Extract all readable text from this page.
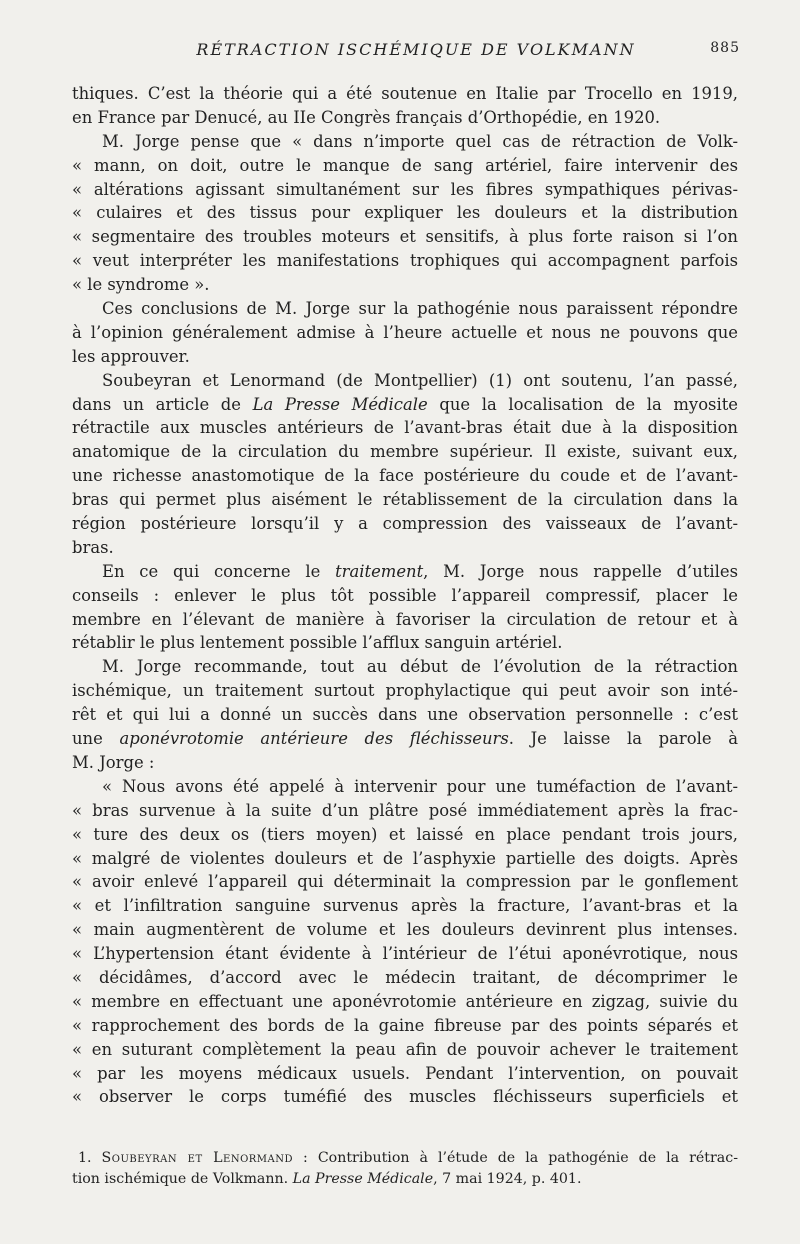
RÉTRACTION ISCHÉMIQUE DE VOLKMANN	885
thiques. C’est la théorie qui a été soutenue en Italie par Trocello en 1919,
en France par Denucé, au IIe Congrès français d’Orthopédie, en 1920.
M. Jorge pense que « dans n’importe quel cas de rétraction de Volk-
« mann, on doit, outre le manque de sang artériel, faire intervenir des
« altérations agissant simultanément sur les fibres sympathiques périvas-
« culaires et des tissus pour expliquer les douleurs et la distribution
« segmentaire des troubles moteurs et sensitifs, à plus forte raison si l’on
« veut interpréter les manifestations trophiques qui accompagnent parfois
« le syndrome ».
Ces conclusions de M. Jorge sur la pathogénie nous paraissent répondre
à l’opinion généralement admise à l’heure actuelle et nous ne pouvons que
les approuver.
Soubeyran et Lenormand (de Montpellier) (1) ont soutenu, l’an passé,
dans un article de La Presse Médicale que la localisation de la myosite
rétractile aux muscles antérieurs de l’avant-bras était due à la disposition
anatomique de la circulation du membre supérieur. Il existe, suivant eux,
une richesse anastomotique de la face postérieure du coude et de l’avant-
bras qui permet plus aisément le rétablissement de la circulation dans la
région postérieure lorsqu’il y a compression des vaisseaux de l’avant-
bras.
En ce qui concerne le traitement, M. Jorge nous rappelle d’utiles
conseils : enlever le plus tôt possible l’appareil compressif, placer le
membre en l’élevant de manière à favoriser la circulation de retour et à
rétablir le plus lentement possible l’afflux sanguin artériel.
M. Jorge recommande, tout au début de l’évolution de la rétraction
ischémique, un traitement surtout prophylactique qui peut avoir son inté-
rêt et qui lui a donné un succès dans une observation personnelle : c’est
une aponévrotomie antérieure des fléchisseurs. Je laisse la parole à
M. Jorge :
« Nous avons été appelé à intervenir pour une tuméfaction de l’avant-
« bras survenue à la suite d’un plâtre posé immédiatement après la frac-
« ture des deux os (tiers moyen) et laissé en place pendant trois jours,
« malgré de violentes douleurs et de l’asphyxie partielle des doigts. Après
« avoir enlevé l’appareil qui déterminait la compression par le gonflement
« et l’infiltration sanguine survenus après la fracture, l’avant-bras et la
« main augmentèrent de volume et les douleurs devinrent plus intenses.
« L’hypertension étant évidente à l’intérieur de l’étui aponévrotique, nous
« décidâmes, d’accord avec le médecin traitant, de décomprimer le
« membre en effectuant une aponévrotomie antérieure en zigzag, suivie du
« rapprochement des bords de la gaine fibreuse par des points séparés et
« en suturant complètement la peau afin de pouvoir achever le traitement
« par les moyens médicaux usuels. Pendant l’intervention, on pouvait
« observer le corps tuméfié des muscles fléchisseurs superficiels et
1. Soubeyran et Lenormand : Contribution à l’étude de la pathogénie de la rétrac-
tion ischémique de Volkmann. La Presse Médicale, 7 mai 1924, p. 401.
